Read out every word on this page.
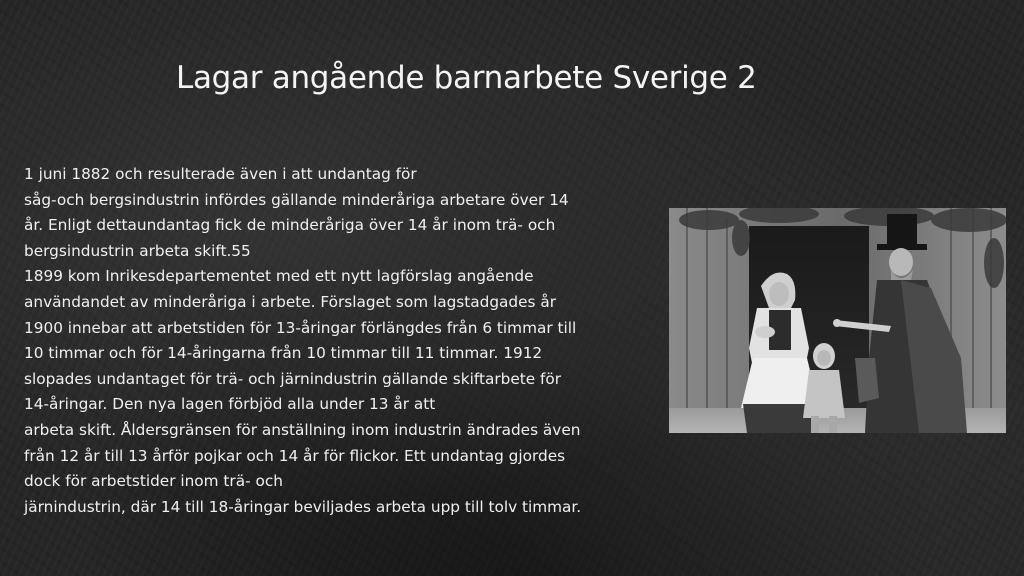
Lagar angående barnarbete Sverige 2
1 juni 1882 och resulterade även i att undantag för
såg-och bergsindustrin infördes gällande minderåriga arbetare över 14
år. Enligt dettaundantag fick de minderåriga över 14 år inom trä- och
bergsindustrin arbeta skift.55
1899 kom Inrikesdepartementet med ett nytt lagförslag angående
användandet av minderåriga i arbete. Förslaget som lagstadgades år
1900 innebar att arbetstiden för 13-åringar förlängdes från 6 timmar till
10 timmar och för 14-åringarna från 10 timmar till 11 timmar. 1912
slopades undantaget för trä- och järnindustrin gällande skiftarbete för
14-åringar. Den nya lagen förbjöd alla under 13 år att
arbeta skift. Åldersgränsen för anställning inom industrin ändrades även
från 12 år till 13 årför pojkar och 14 år för flickor. Ett undantag gjordes
dock för arbetstider inom trä- och
järnindustrin, där 14 till 18-åringar beviljades arbeta upp till tolv timmar.
